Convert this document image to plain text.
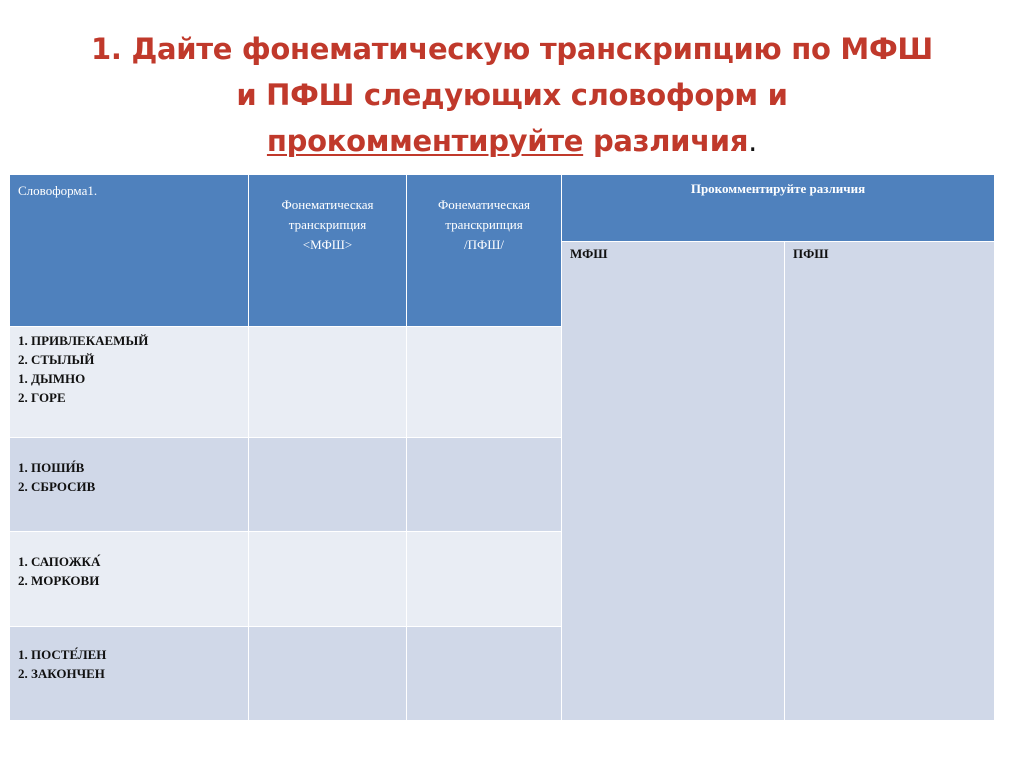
1. Дайте фонематическую транскрипцию по МФШ
и ПФШ следующих словоформ и
прокомментируйте различия.
Словоформа1.
Фонематическая
транскрипция
<МФШ>
Фонематическая
транскрипция
/ПФШ/
Прокомментируйте различия
МФШ	ПФШ
1. ПРИВЛЕКАЕМЫЙ
2. СТЫЛЫЙ
1. ДЫМНО
2. ГОРЕ
1. ПОШИ́В
2. СБРОСИВ
1. САПОЖКА́
2. МОРКОВИ
1. ПОСТЕ́ЛЕН
2. ЗАКОНЧЕН
